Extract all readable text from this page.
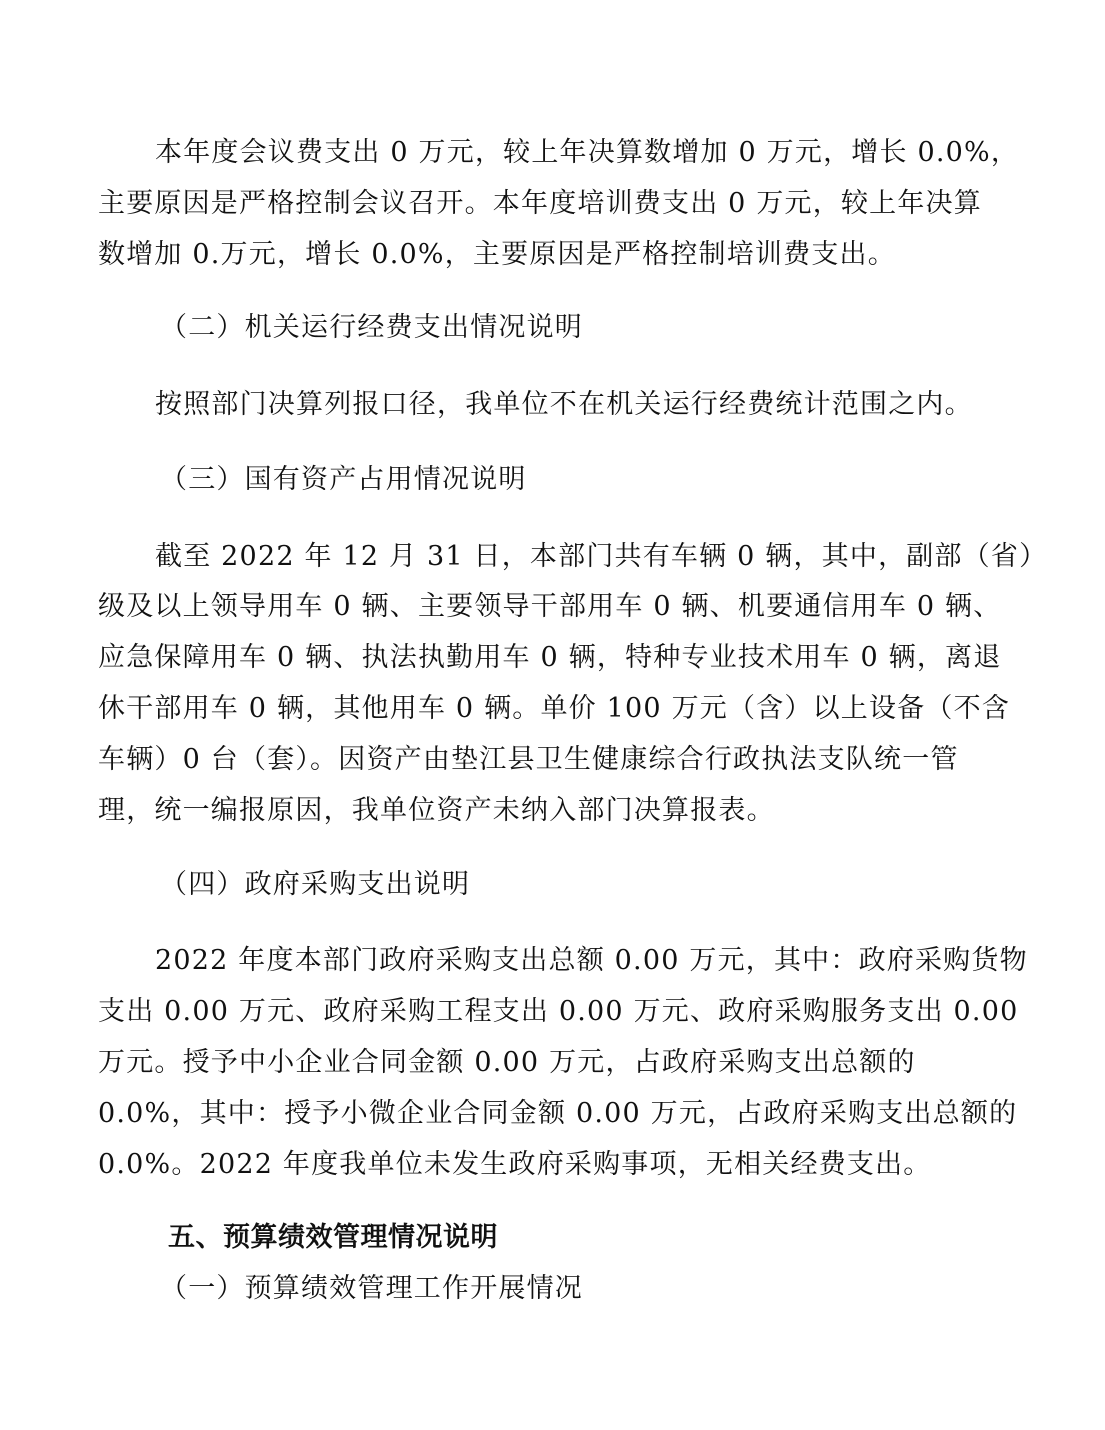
本年度会议费支出 0 万元，较上年决算数增加 0 万元，增长 0.0%，
主要原因是严格控制会议召开。本年度培训费支出 0 万元，较上年决算
数增加 0.万元，增长 0.0%，主要原因是严格控制培训费支出。
（二）机关运行经费支出情况说明
按照部门决算列报口径，我单位不在机关运行经费统计范围之内。
（三）国有资产占用情况说明
截至 2022 年 12 月 31 日，本部门共有车辆 0 辆，其中，副部（省）
级及以上领导用车 0 辆、主要领导干部用车 0 辆、机要通信用车 0 辆、
应急保障用车 0 辆、执法执勤用车 0 辆，特种专业技术用车 0 辆，离退
休干部用车 0 辆，其他用车 0 辆。单价 100 万元（含）以上设备（不含
车辆）0 台（套）。因资产由垫江县卫生健康综合行政执法支队统一管
理，统一编报原因，我单位资产未纳入部门决算报表。
（四）政府采购支出说明
2022 年度本部门政府采购支出总额 0.00 万元，其中：政府采购货物
支出 0.00 万元、政府采购工程支出 0.00 万元、政府采购服务支出 0.00
万元。授予中小企业合同金额 0.00 万元，占政府采购支出总额的
0.0%，其中：授予小微企业合同金额 0.00 万元，占政府采购支出总额的
0.0%。2022 年度我单位未发生政府采购事项，无相关经费支出。
五、预算绩效管理情况说明
（一）预算绩效管理工作开展情况
